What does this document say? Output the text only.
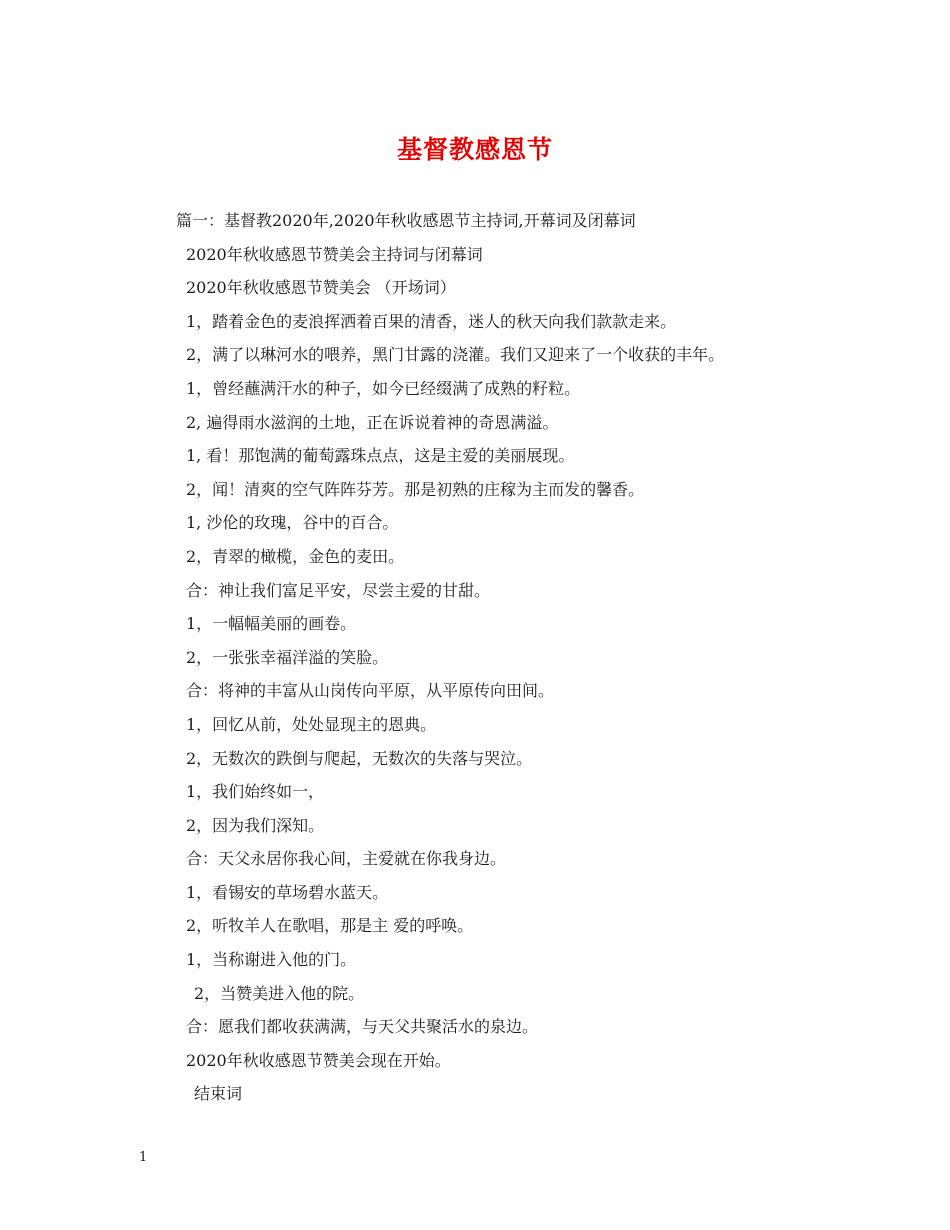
基督教感恩节
篇一：基督教2020年,2020年秋收感恩节主持词,开幕词及闭幕词
2020年秋收感恩节赞美会主持词与闭幕词
2020年秋收感恩节赞美会 （开场词）
1，踏着金色的麦浪挥洒着百果的清香，迷人的秋天向我们款款走来。
2，满了以琳河水的喂养，黑门甘露的浇灌。我们又迎来了一个收获的丰年。
1，曾经蘸满汗水的种子，如今已经缀满了成熟的籽粒。
2, 遍得雨水滋润的土地，正在诉说着神的奇恩满溢。
1, 看！那饱满的葡萄露珠点点，这是主爱的美丽展现。
2，闻！清爽的空气阵阵芬芳。那是初熟的庄稼为主而发的馨香。
1, 沙伦的玫瑰，谷中的百合。
2，青翠的橄榄，金色的麦田。
合：神让我们富足平安，尽尝主爱的甘甜。
1，一幅幅美丽的画卷。
2，一张张幸福洋溢的笑脸。
合：将神的丰富从山岗传向平原，从平原传向田间。
1，回忆从前，处处显现主的恩典。
2，无数次的跌倒与爬起，无数次的失落与哭泣。
1，我们始终如一，
2，因为我们深知。
合：天父永居你我心间，主爱就在你我身边。
1，看锡安的草场碧水蓝天。
2，听牧羊人在歌唱，那是主 爱的呼唤。
1，当称谢进入他的门。
2，当赞美进入他的院。
合：愿我们都收获满满，与天父共聚活水的泉边。
2020年秋收感恩节赞美会现在开始。
结束词
1
